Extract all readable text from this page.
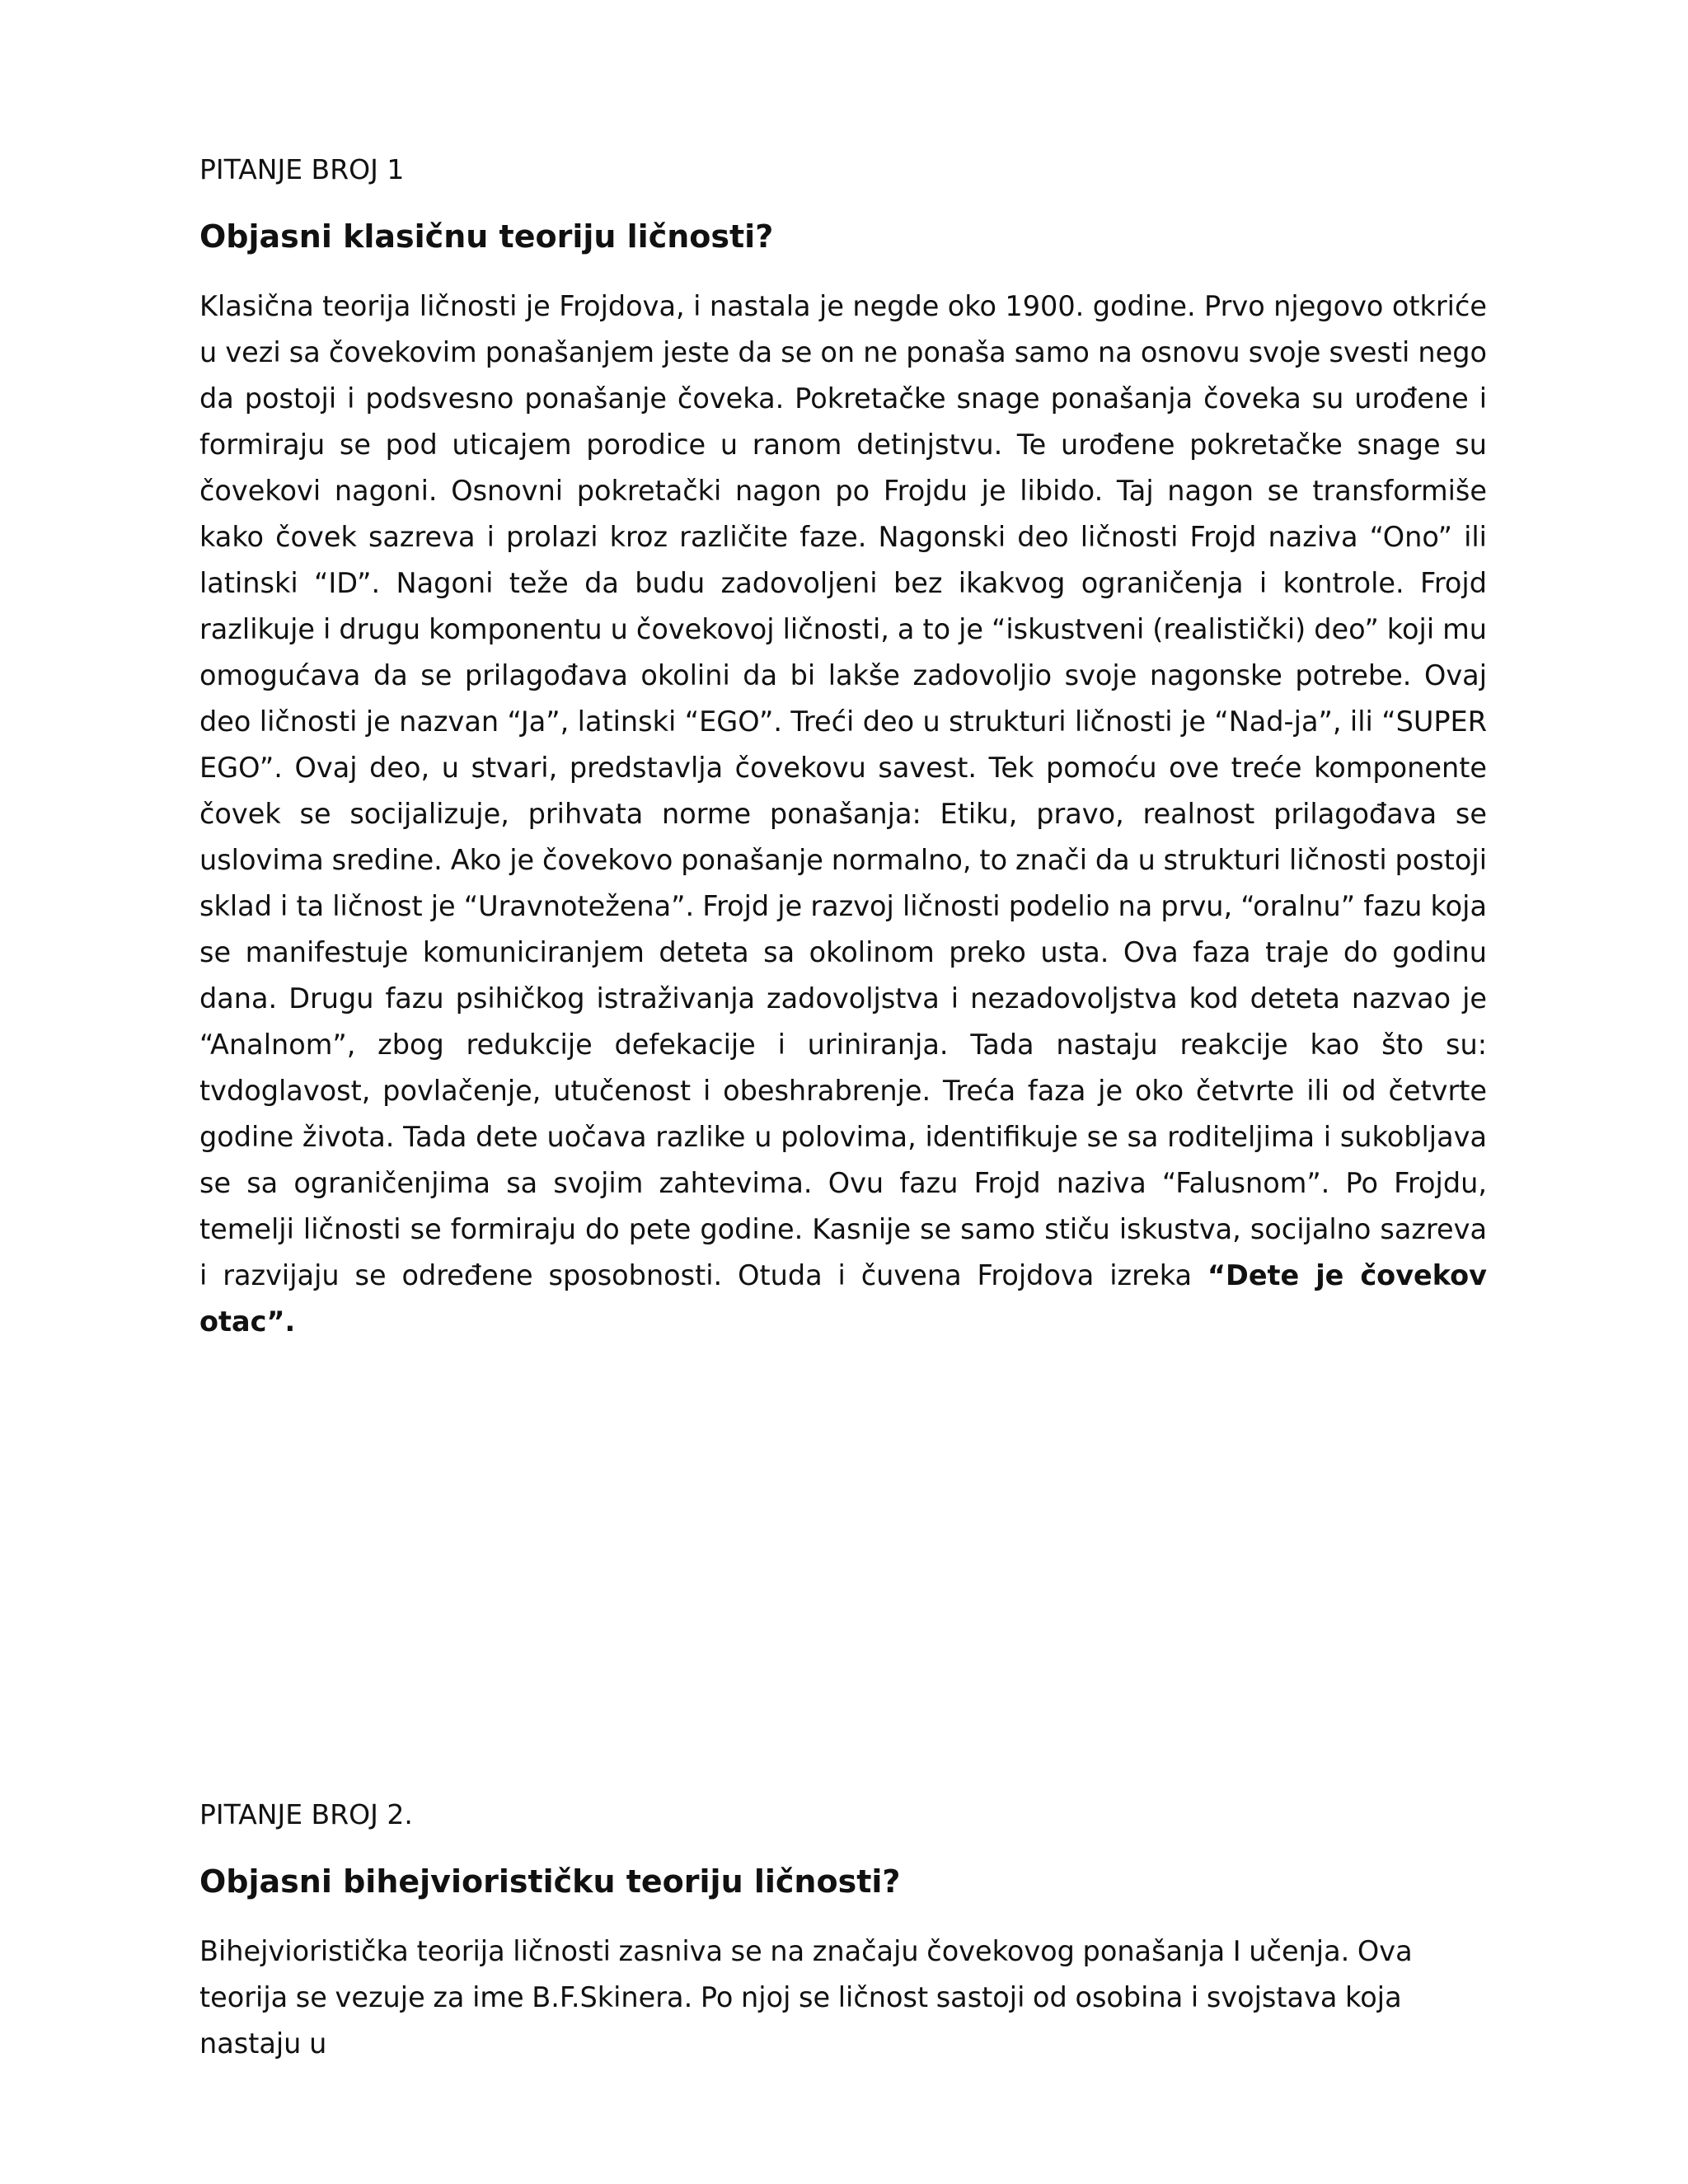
PITANJE BROJ 1

Objasni klasičnu teoriju ličnosti?

Klasična teorija ličnosti je Frojdova, i nastala je negde oko 1900. godine. Prvo njegovo otkriće u vezi sa čovekovim ponašanjem jeste da se on ne ponaša samo na osnovu svoje svesti nego da postoji i podsvesno ponašanje čoveka. Pokretačke snage ponašanja čoveka su urođene i formiraju se pod uticajem porodice u ranom detinjstvu. Te urođene pokretačke snage su čovekovi nagoni. Osnovni pokretački nagon po Frojdu je libido. Taj nagon se transformiše kako čovek sazreva i prolazi kroz različite faze. Nagonski deo ličnosti Frojd naziva “Ono” ili latinski “ID”. Nagoni teže da budu zadovoljeni bez ikakvog ograničenja i kontrole. Frojd razlikuje i drugu komponentu u čovekovoj ličnosti, a to je “iskustveni (realistički) deo” koji mu omogućava da se prilagođava okolini da bi lakše zadovoljio svoje nagonske potrebe. Ovaj deo ličnosti je nazvan “Ja”, latinski “EGO”. Treći deo u strukturi ličnosti je “Nad-ja”, ili “SUPER EGO”. Ovaj deo, u stvari, predstavlja čovekovu savest. Tek pomoću ove treće komponente čovek se socijalizuje, prihvata norme ponašanja: Etiku, pravo, realnost prilagođava se uslovima sredine. Ako je čovekovo ponašanje normalno, to znači da u strukturi ličnosti postoji sklad i ta ličnost je “Uravnotežena”. Frojd je razvoj ličnosti podelio na prvu, “oralnu” fazu koja se manifestuje komuniciranjem deteta sa okolinom preko usta. Ova faza traje do godinu dana. Drugu fazu psihičkog istraživanja zadovoljstva i nezadovoljstva kod deteta nazvao je “Analnom”, zbog redukcije defekacije i uriniranja. Tada nastaju reakcije kao što su: tvdoglavost, povlačenje, utučenost i obeshrabrenje. Treća faza je oko četvrte ili od četvrte godine života. Tada dete uočava razlike u polovima, identifikuje se sa roditeljima i sukobljava se sa ograničenjima sa svojim zahtevima. Ovu fazu Frojd naziva “Falusnom”. Po Frojdu, temelji ličnosti se formiraju do pete godine. Kasnije se samo stiču iskustva, socijalno sazreva i razvijaju se određene sposobnosti. Otuda i čuvena Frojdova izreka “Dete je čovekov otac”.

PITANJE BROJ 2.

Objasni bihejviorističku teoriju ličnosti?

Bihejvioristička teorija ličnosti zasniva se na značaju čovekovog ponašanja I učenja. Ova teorija se vezuje za ime B.F.Skinera. Po njoj se ličnost sastoji od osobina i svojstava koja nastaju u
